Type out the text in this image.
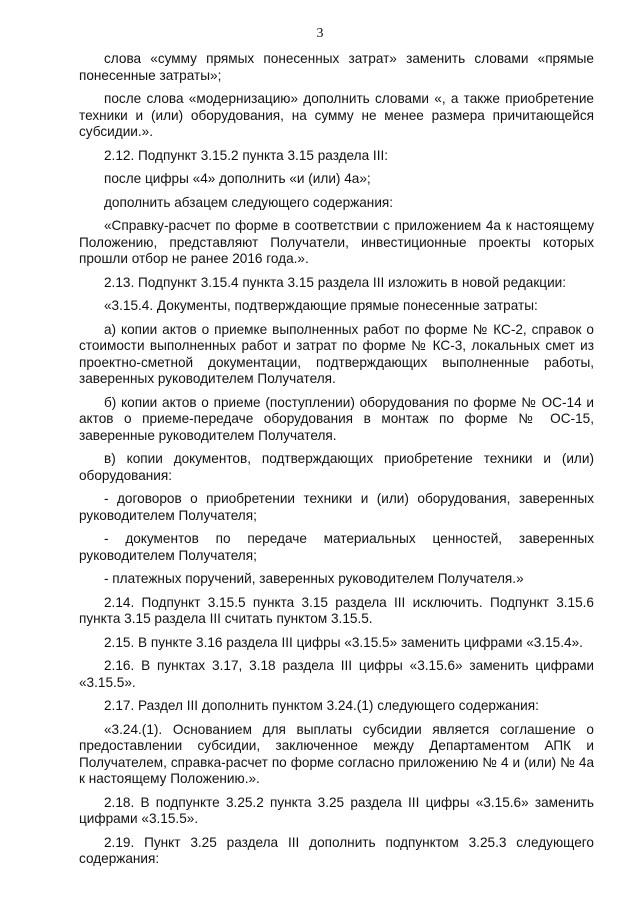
3

слова «сумму прямых понесенных затрат» заменить словами «прямые понесенные затраты»;

после слова «модернизацию» дополнить словами «, а также приобретение техники и (или) оборудования, на сумму не менее размера причитающейся субсидии.».

2.12. Подпункт 3.15.2 пункта 3.15 раздела III:

после цифры «4» дополнить «и (или) 4а»;

дополнить абзацем следующего содержания:

«Справку-расчет по форме в соответствии с приложением 4а к настоящему Положению, представляют Получатели, инвестиционные проекты которых прошли отбор не ранее 2016 года.».

2.13. Подпункт 3.15.4 пункта 3.15 раздела III изложить в новой редакции:

«3.15.4. Документы, подтверждающие прямые понесенные затраты:

а) копии актов о приемке выполненных работ по форме № КС-2, справок о стоимости выполненных работ и затрат по форме № КС-3, локальных смет из проектно-сметной документации, подтверждающих выполненные работы, заверенных руководителем Получателя.

б) копии актов о приеме (поступлении) оборудования по форме № ОС-14 и актов о приеме-передаче оборудования в монтаж по форме № ОС-15, заверенные руководителем Получателя.

в) копии документов, подтверждающих приобретение техники и (или) оборудования:

- договоров о приобретении техники и (или) оборудования, заверенных руководителем Получателя;

- документов по передаче материальных ценностей, заверенных руководителем Получателя;

- платежных поручений, заверенных руководителем Получателя.»

2.14. Подпункт 3.15.5 пункта 3.15 раздела III исключить. Подпункт 3.15.6 пункта 3.15 раздела III считать пунктом 3.15.5.

2.15. В пункте 3.16 раздела III цифры «3.15.5» заменить цифрами «3.15.4».

2.16. В пунктах 3.17, 3.18 раздела III цифры «3.15.6» заменить цифрами «3.15.5».

2.17. Раздел III дополнить пунктом 3.24.(1) следующего содержания:

«3.24.(1). Основанием для выплаты субсидии является соглашение о предоставлении субсидии, заключенное между Департаментом АПК и Получателем, справка-расчет по форме согласно приложению № 4 и (или) № 4а к настоящему Положению.».

2.18. В подпункте 3.25.2 пункта 3.25 раздела III цифры «3.15.6» заменить цифрами «3.15.5».

2.19. Пункт 3.25 раздела III дополнить подпунктом 3.25.3 следующего содержания:
